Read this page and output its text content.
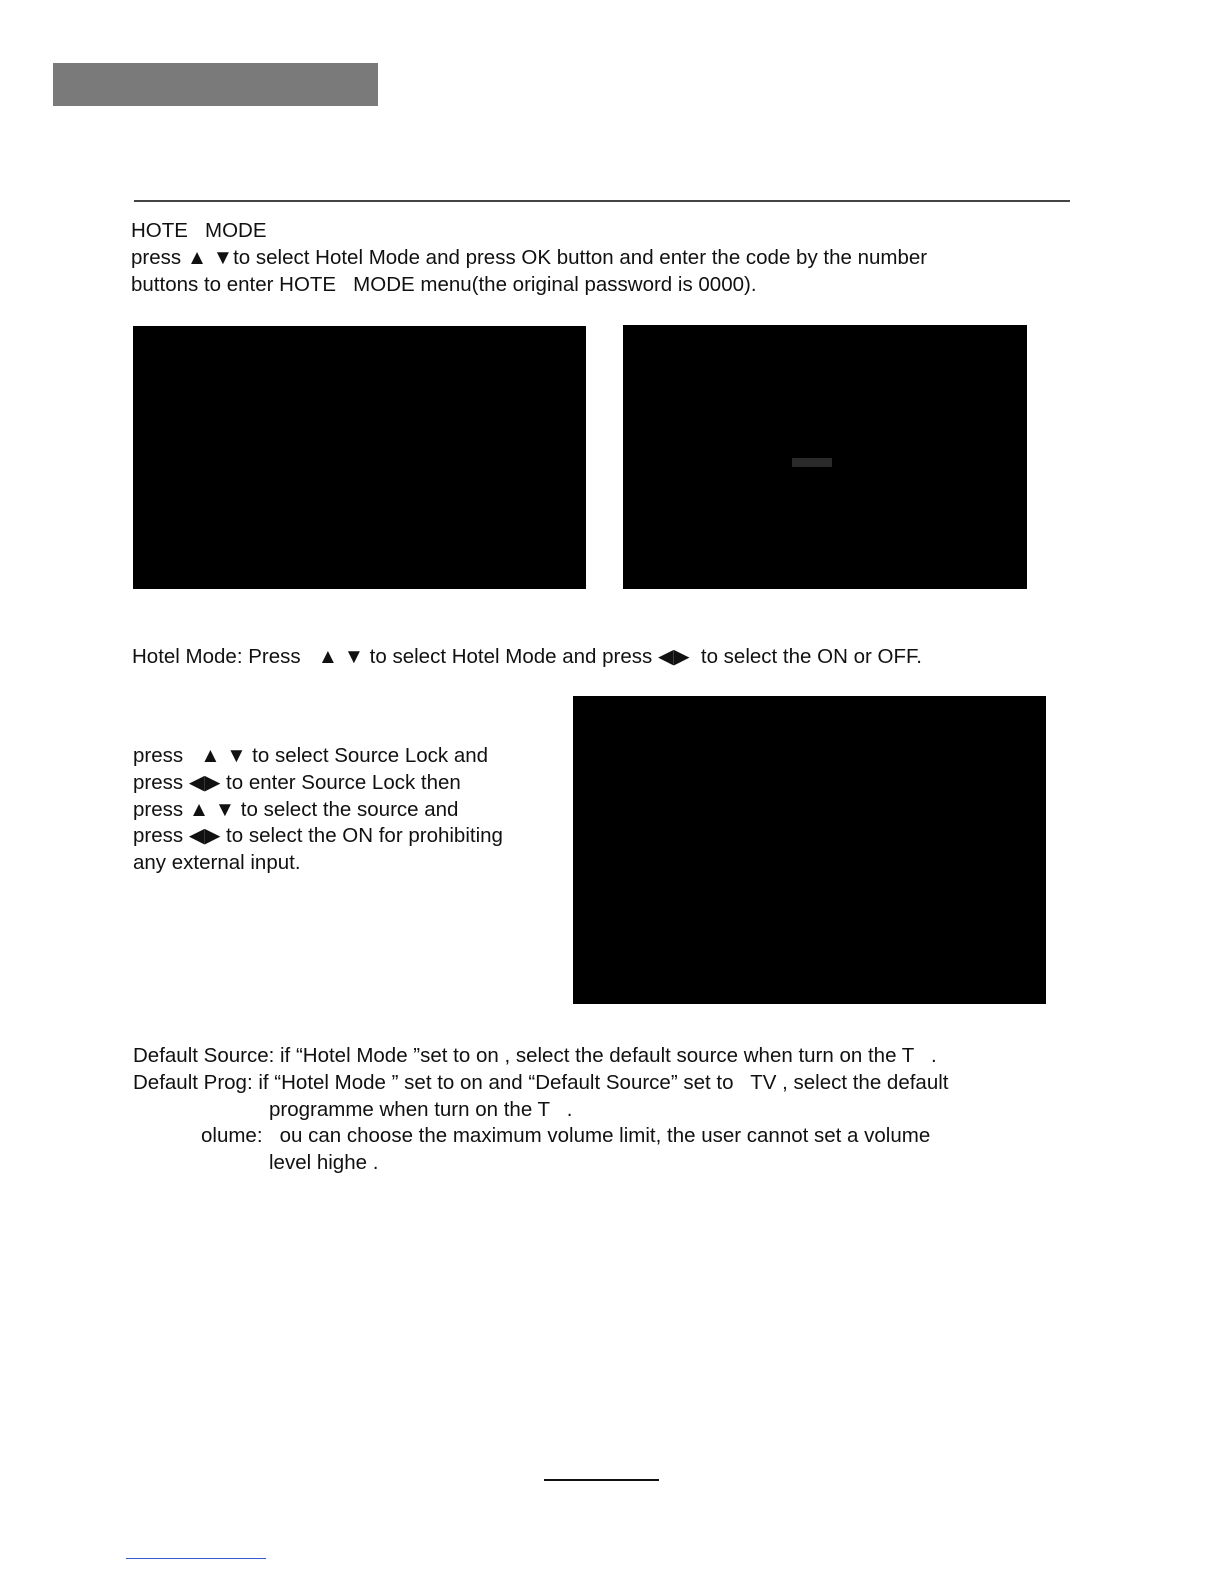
HOTE   MODE

press ▲ ▼to select Hotel Mode and press OK button and enter the code by the number

buttons to enter HOTE   MODE menu(the original password is 0000).

Hotel Mode: Press   ▲ ▼ to select Hotel Mode and press ◀▶  to select the ON or OFF.

press   ▲ ▼ to select Source Lock and

press ◀▶ to enter Source Lock then

press ▲ ▼ to select the source and

press ◀▶ to select the ON for prohibiting

any external input.

Default Source: if “Hotel Mode ”set to on , select the default source when turn on the T   .

Default Prog: if “Hotel Mode ” set to on and “Default Source” set to   TV , select the default

programme when turn on the T   .

olume:   ou can choose the maximum volume limit, the user cannot set a volume

level highe .
